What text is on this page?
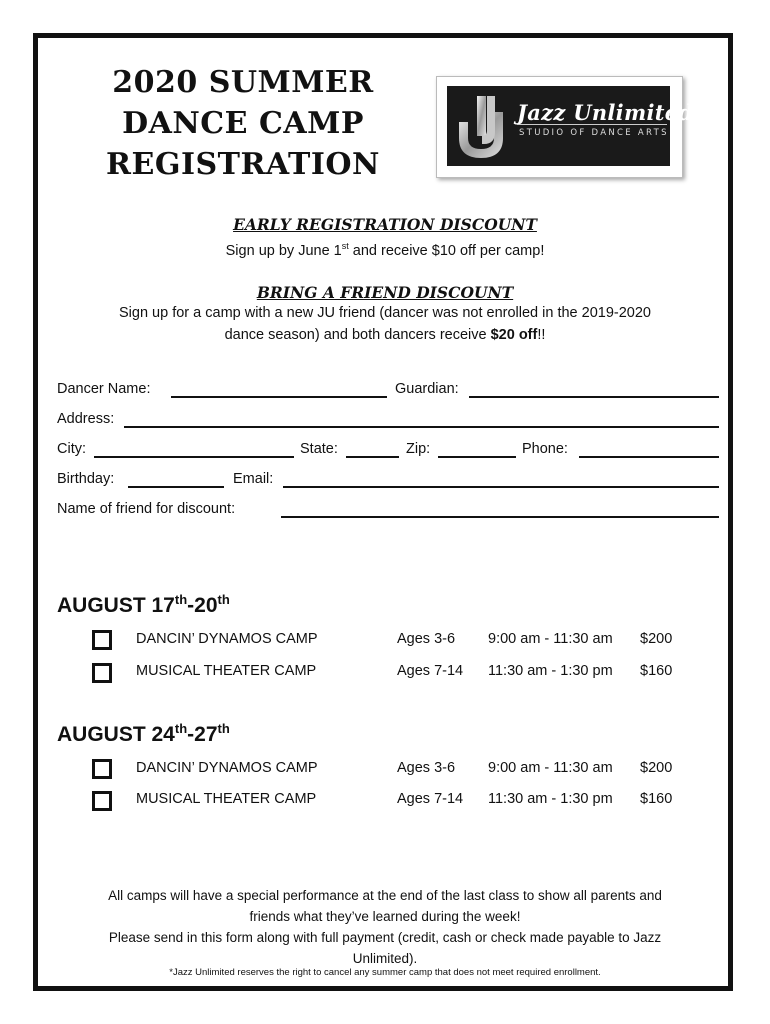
2020 SUMMER
DANCE CAMP
REGISTRATION
Jazz Unlimited
STUDIO OF DANCE ARTS
EARLY REGISTRATION DISCOUNT
Sign up by June 1st and receive $10 off per camp!
BRING A FRIEND DISCOUNT
Sign up for a camp with a new JU friend (dancer was not enrolled in the 2019-2020
dance season) and both dancers receive $20 off!!
Dancer Name:	Guardian:
Address:
City:	State:	Zip:	Phone:
Birthday:	Email:
Name of friend for discount:
AUGUST 17th-20th
DANCIN’ DYNAMOS CAMP	Ages 3-6 9:00 am - 11:30 am $200
MUSICAL THEATER CAMP	Ages 7-14 11:30 am - 1:30 pm $160
AUGUST 24th-27th
DANCIN’ DYNAMOS CAMP	Ages 3-6 9:00 am - 11:30 am $200
MUSICAL THEATER CAMP	Ages 7-14 11:30 am - 1:30 pm $160
All camps will have a special performance at the end of the last class to show all parents and
friends what they’ve learned during the week!
Please send in this form along with full payment (credit, cash or check made payable to Jazz
Unlimited).
*Jazz Unlimited reserves the right to cancel any summer camp that does not meet required enrollment.
